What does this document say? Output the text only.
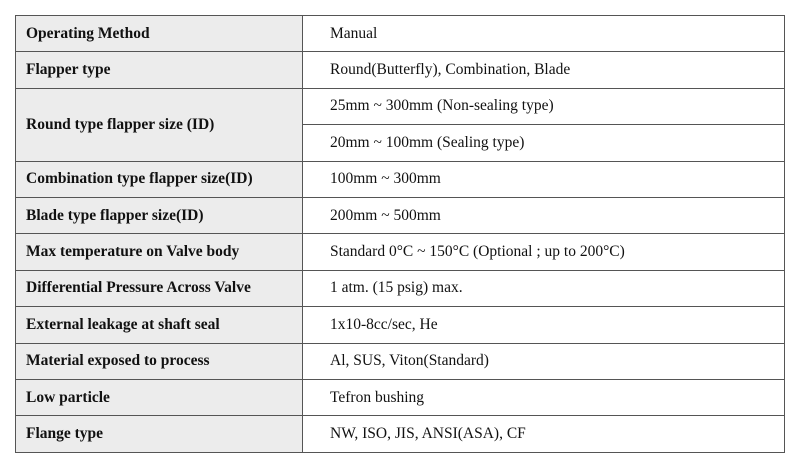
Operating Method	Manual
Flapper type	Round(Butterfly), Combination, Blade
Round type flapper size (ID)	25mm ~ 300mm (Non-sealing type)
	20mm ~ 100mm (Sealing type)
Combination type flapper size(ID)	100mm ~ 300mm
Blade type flapper size(ID)	200mm ~ 500mm
Max temperature on Valve body	Standard 0°C ~ 150°C (Optional ; up to 200°C)
Differential Pressure Across Valve	1 atm. (15 psig) max.
External leakage at shaft seal	1x10-8cc/sec, He
Material exposed to process	Al, SUS, Viton(Standard)
Low particle	Tefron bushing
Flange type	NW, ISO, JIS, ANSI(ASA), CF
